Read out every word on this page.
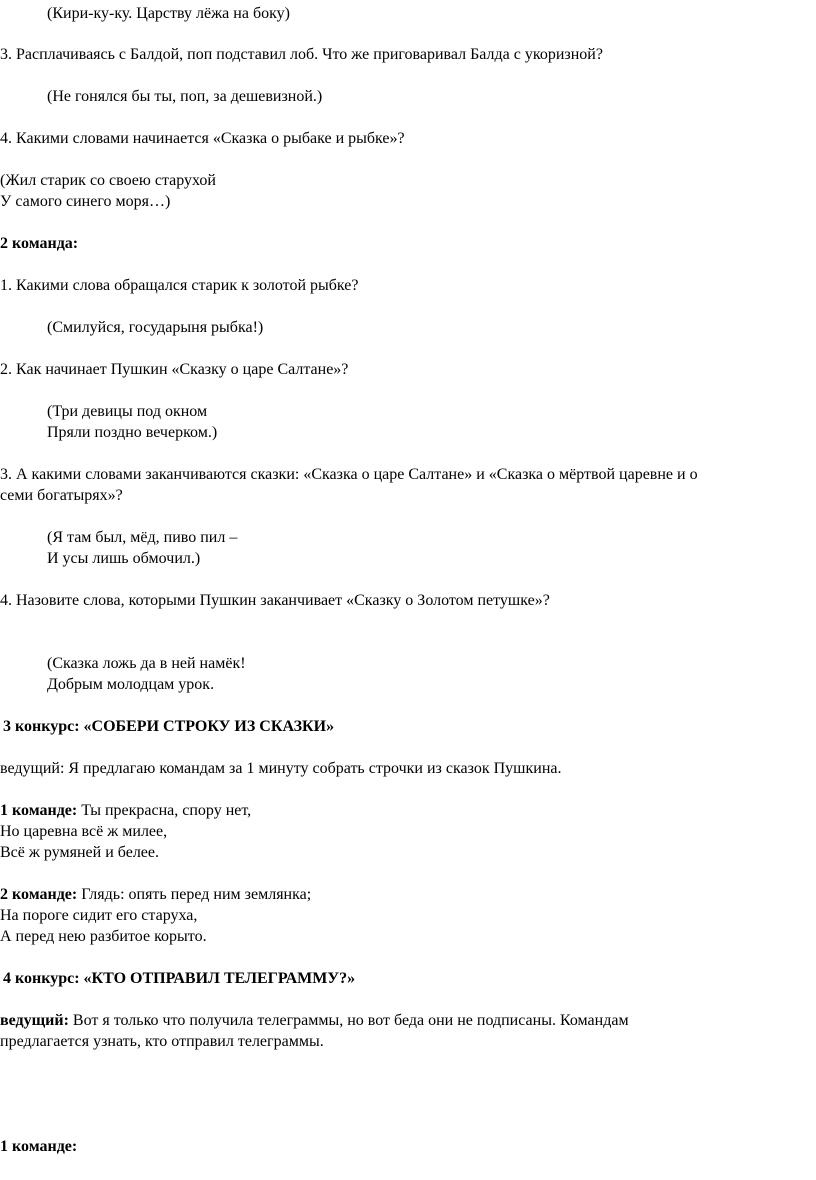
(Кири-ку-ку. Царству лёжа на боку)
3. Расплачиваясь с Балдой, поп подставил лоб. Что же приговаривал Балда с укоризной?
(Не гонялся бы ты, поп, за дешевизной.)
4. Какими словами начинается «Сказка о рыбаке и рыбке»?
(Жил старик со своею старухой
У самого синего моря…)
2 команда:
1. Какими слова обращался старик к золотой рыбке?
(Смилуйся, государыня рыбка!)
2. Как начинает Пушкин «Сказку о царе Салтане»?
(Три девицы под окном
Пряли поздно вечерком.)
3. А какими словами заканчиваются сказки: «Сказка о царе Салтане» и «Сказка о мёртвой царевне и о
семи богатырях»?
(Я там был, мёд, пиво пил –
И усы лишь обмочил.)
4. Назовите слова, которыми Пушкин заканчивает «Сказку о Золотом петушке»?
(Сказка ложь да в ней намёк!
Добрым молодцам урок.
3 конкурс: «СОБЕРИ СТРОКУ ИЗ СКАЗКИ»
ведущий: Я предлагаю командам за 1 минуту собрать строчки из сказок Пушкина.
1 команде: Ты прекрасна, спору нет,
Но царевна всё ж милее,
Всё ж румяней и белее.
2 команде: Глядь: опять перед ним землянка;
На пороге сидит его старуха,
А перед нею разбитое корыто.
4 конкурс: «КТО ОТПРАВИЛ ТЕЛЕГРАММУ?»
ведущий: Вот я только что получила телеграммы, но вот беда они не подписаны. Командам
предлагается узнать, кто отправил телеграммы.
1 команде:
